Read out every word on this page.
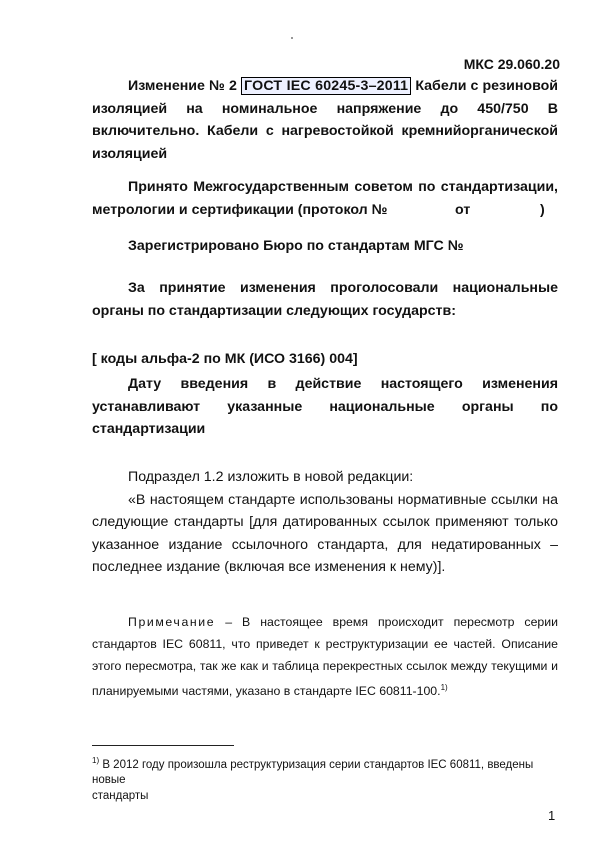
МКС 29.060.20
Изменение № 2 ГОСТ IEC 60245-3–2011 Кабели с резиновой
изоляцией на номинальное напряжение до 450/750 В
включительно. Кабели с нагревостойкой кремнийорганической
изоляцией
Принято Межгосударственным советом по стандартизации,
метрологии и сертификации (протокол №	от	)
Зарегистрировано Бюро по стандартам МГС №
За принятие изменения проголосовали национальные
органы по стандартизации следующих государств:
[ коды альфа-2 по МК (ИСО 3166) 004]
Дату введения в действие настоящего изменения
устанавливают указанные национальные органы по
стандартизации
Подраздел 1.2 изложить в новой редакции:
«В настоящем стандарте использованы нормативные ссылки на
следующие стандарты [для датированных ссылок применяют только
указанное издание ссылочного стандарта, для недатированных –
последнее издание (включая все изменения к нему)].
Примечание – В настоящее время происходит пересмотр серии
стандартов IEC 60811, что приведет к реструктуризации ее частей. Описание
этого пересмотра, так же как и таблица перекрестных ссылок между текущими и
планируемыми частями, указано в стандарте IEC 60811-100.$^{1)}$
$^{1)}$ В 2012 году произошла реструктуризация серии стандартов IEC 60811, введены новые
стандарты
1
